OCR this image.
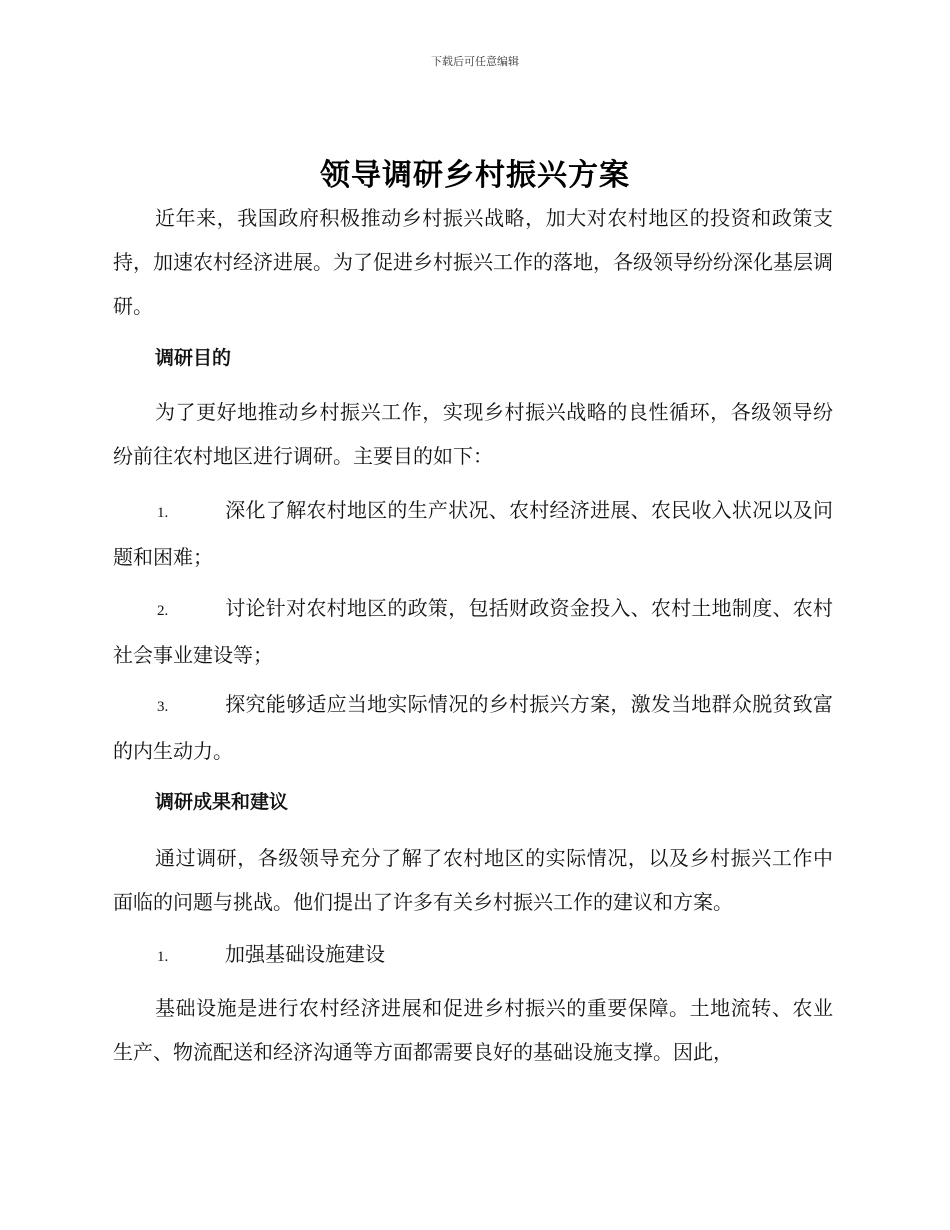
下载后可任意编辑
领导调研乡村振兴方案

近年来，我国政府积极推动乡村振兴战略，加大对农村地区的投资和政策支持，加速农村经济进展。为了促进乡村振兴工作的落地，各级领导纷纷深化基层调研。

调研目的

为了更好地推动乡村振兴工作，实现乡村振兴战略的良性循环，各级领导纷纷前往农村地区进行调研。主要目的如下：

1.	深化了解农村地区的生产状况、农村经济进展、农民收入状况以及问题和困难；

2.	讨论针对农村地区的政策，包括财政资金投入、农村土地制度、农村社会事业建设等；

3.	探究能够适应当地实际情况的乡村振兴方案，激发当地群众脱贫致富的内生动力。

调研成果和建议

通过调研，各级领导充分了解了农村地区的实际情况，以及乡村振兴工作中面临的问题与挑战。他们提出了许多有关乡村振兴工作的建议和方案。

1.	加强基础设施建设

基础设施是进行农村经济进展和促进乡村振兴的重要保障。土地流转、农业生产、物流配送和经济沟通等方面都需要良好的基础设施支撑。因此，
